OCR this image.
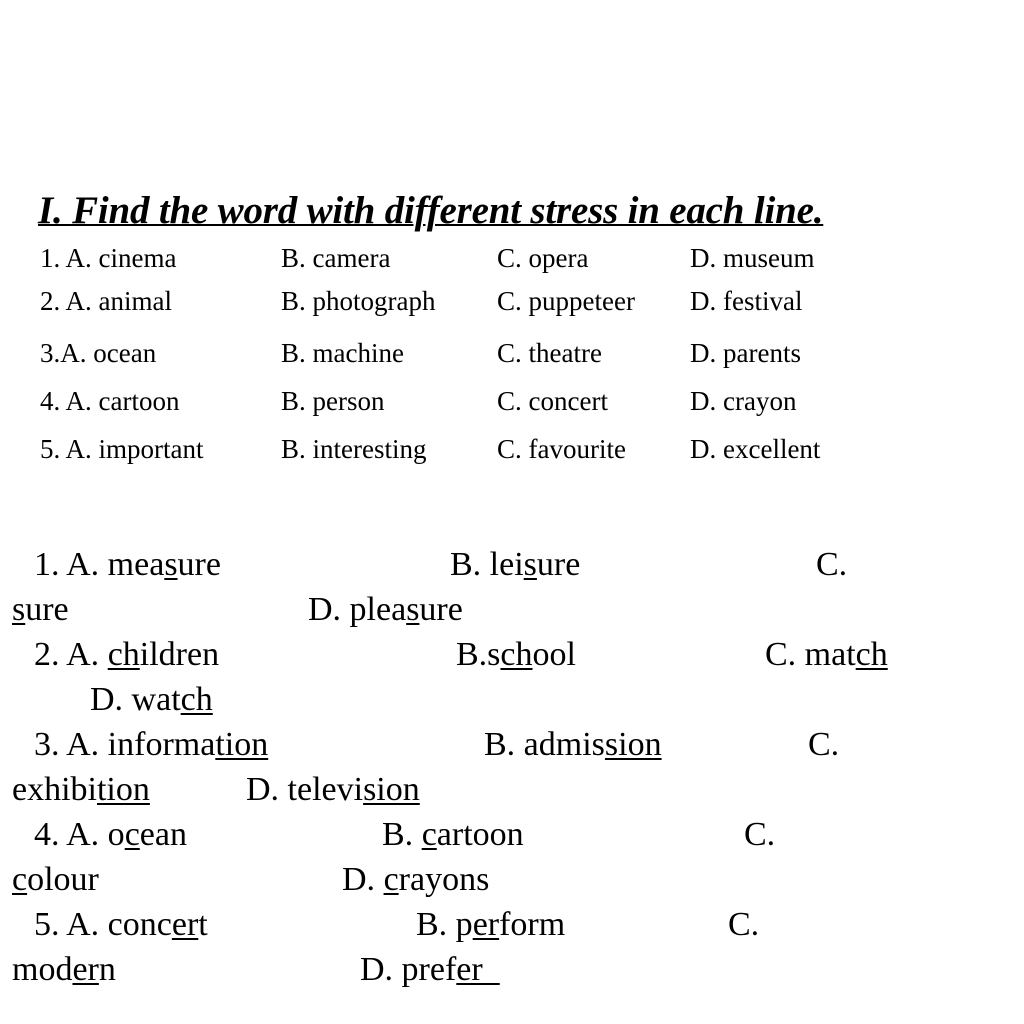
I. Find the word with different stress in each line.
1. A. cinema	B. camera	C. opera	D. museum
2. A. animal	B. photograph C. puppeteer D. festival
3.A. ocean	B. machine	C. theatre	D. parents
4. A. cartoon	B. person	C. concert	D. crayon
5. A. important	B. interesting	C. favourite D. excellent
1. A. measure	B. leisure	C.
sure	D. pleasure
2. A. children	B.school	C. match
D. watch
3. A. information	B. admission	C.
exhibition	D. television
4. A. ocean	B. cartoon	C.
colour	D. crayons
5. A. concert	B. perform	C.
modern	D. prefer 
